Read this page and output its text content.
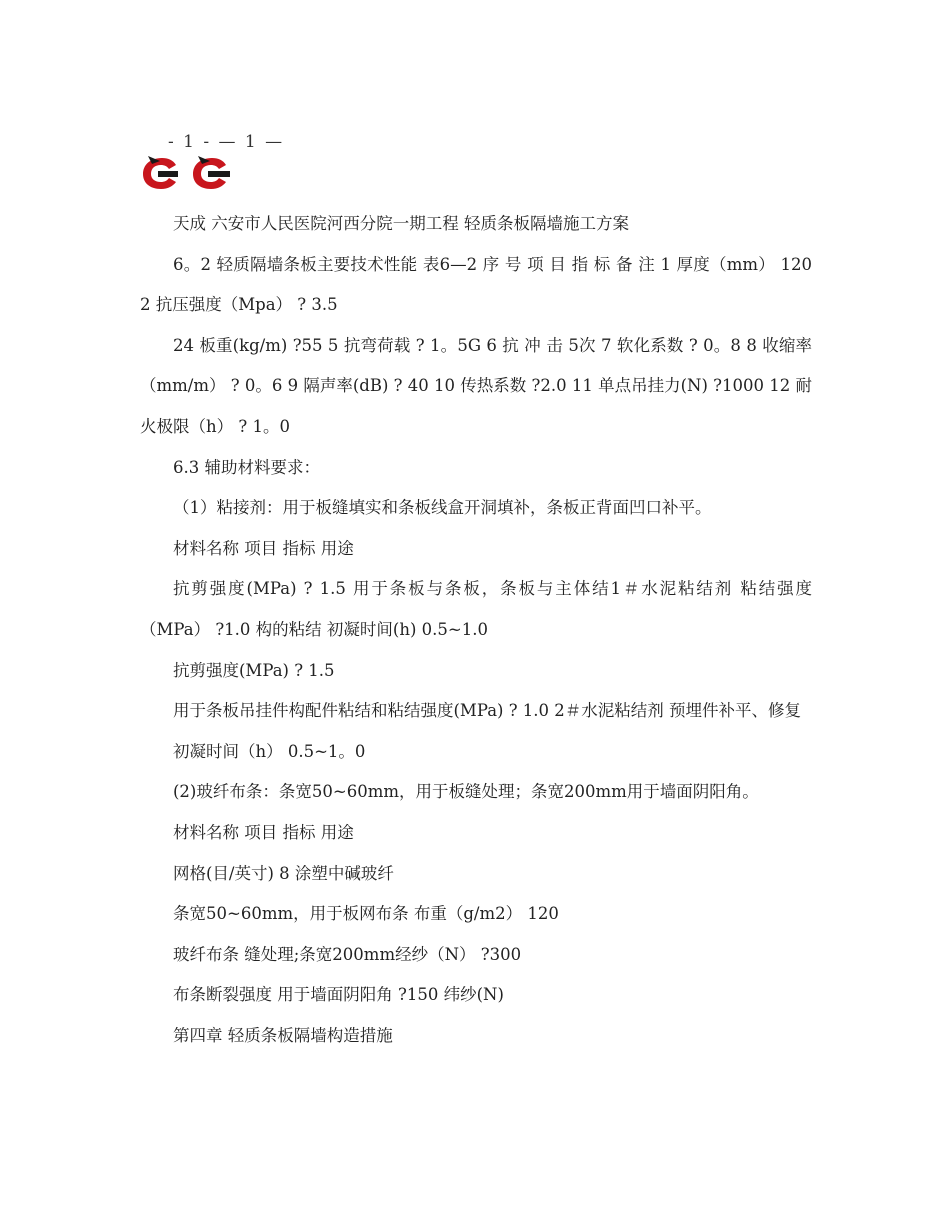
- 1 - — 1 —

天成 六安市人民医院河西分院一期工程 轻质条板隔墙施工方案

6。2 轻质隔墙条板主要技术性能 表6—2 序 号 项 目 指 标 备 注 1 厚度（mm） 120 2 抗压强度（Mpa） ? 3.5

24 板重(kg/m) ?55 5 抗弯荷载 ? 1。5G 6 抗 冲 击 5次 7 软化系数 ? 0。8 8 收缩率（mm/m） ? 0。6 9 隔声率(dB) ? 40 10 传热系数 ?2.0 11 单点吊挂力(N) ?1000 12 耐火极限（h） ? 1。0

6.3 辅助材料要求：

（1）粘接剂：用于板缝填实和条板线盒开洞填补，条板正背面凹口补平。

材料名称 项目 指标 用途

抗剪强度(MPa) ? 1.5 用于条板与条板，条板与主体结1＃水泥粘结剂 粘结强度（MPa） ?1.0 构的粘结 初凝时间(h) 0.5~1.0

抗剪强度(MPa) ? 1.5

用于条板吊挂件构配件粘结和粘结强度(MPa) ? 1.0 2＃水泥粘结剂 预埋件补平、修复

初凝时间（h） 0.5~1。0

(2)玻纤布条：条宽50~60mm，用于板缝处理；条宽200mm用于墙面阴阳角。

材料名称 项目 指标 用途

网格(目/英寸) 8 涂塑中碱玻纤

条宽50~60mm，用于板网布条 布重（g/m2） 120

玻纤布条 缝处理;条宽200mm经纱（N） ?300

布条断裂强度 用于墙面阴阳角 ?150 纬纱(N)

第四章 轻质条板隔墙构造措施
